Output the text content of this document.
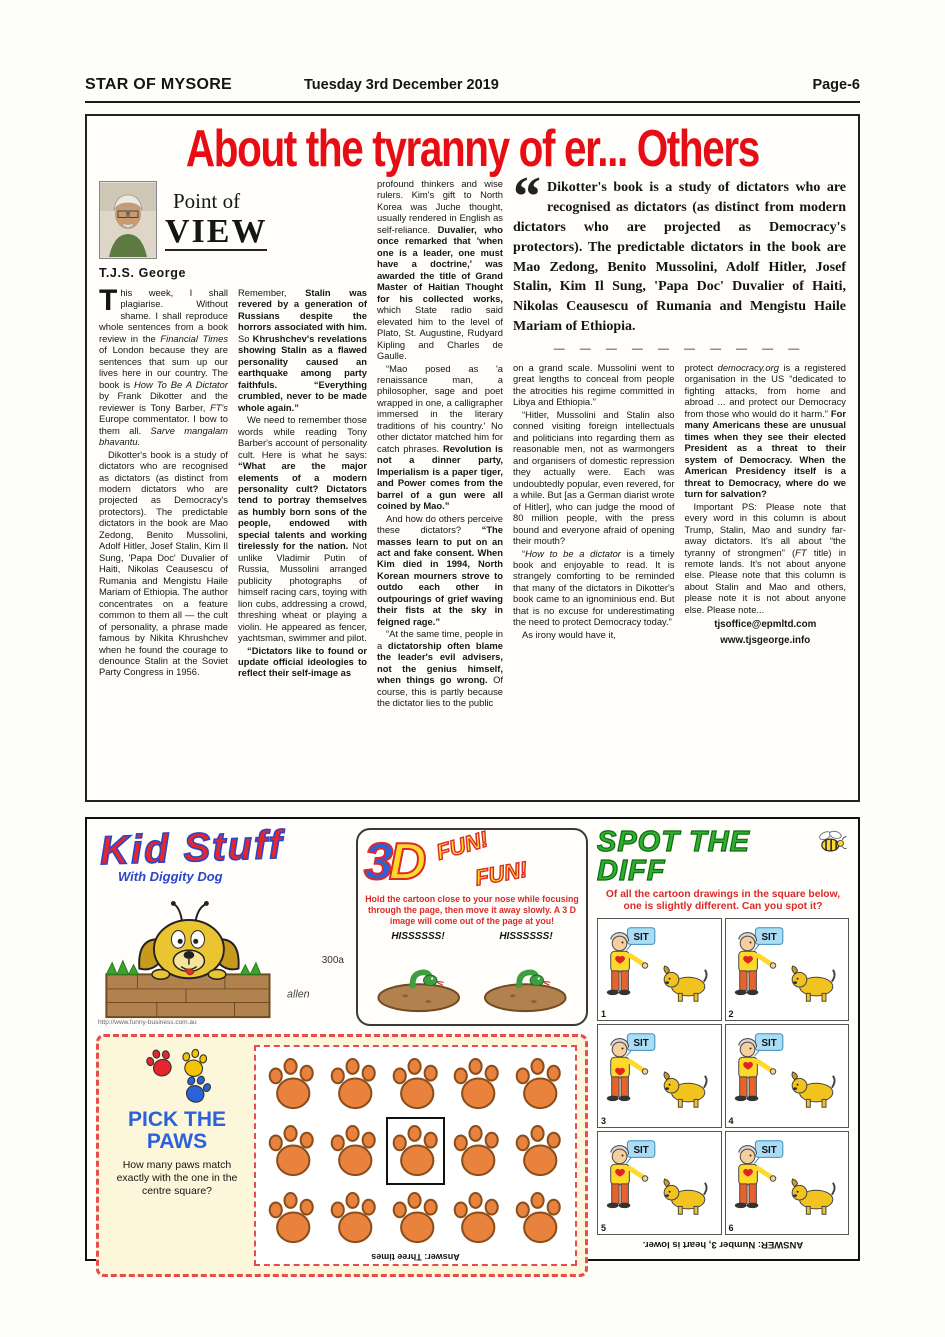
STAR OF MYSORE	Tuesday 3rd December 2019	Page-6
About the tyranny of er... Others
Point of
VIEW
T.J.S. George

This week, I shall plagiarise. Without shame. I shall reproduce whole sentences from a book review in the Financial Times of London because they are sentences that sum up our lives here in our country. The book is How To Be A Dictator by Frank Dikotter and the reviewer is Tony Barber, FT's Europe commentator. I bow to them all. Sarve mangalam bhavantu.

Dikotter's book is a study of dictators who are recognised as dictators (as distinct from modern dictators who are projected as Democracy's protectors). The predictable dictators in the book are Mao Zedong, Benito Mussolini, Adolf Hitler, Josef Stalin, Kim Il Sung, 'Papa Doc' Duvalier of Haiti, Nikolas Ceausescu of Rumania and Mengistu Haile Mariam of Ethiopia. The author concentrates on a feature common to them all — the cult of personality, a phrase made famous by Nikita Khrushchev when he found the courage to denounce Stalin at the Soviet Party Congress in 1956.

Remember, Stalin was revered by a generation of Russians despite the horrors associated with him. So Khrushchev's revelations showing Stalin as a flawed personality caused an earthquake among party faithfuls. “Everything crumbled, never to be made whole again.”

We need to remember those words while reading Tony Barber's account of personality cult. Here is what he says: “What are the major elements of a modern personality cult? Dictators tend to portray themselves as humbly born sons of the people, endowed with special talents and working tirelessly for the nation. Not unlike Vladimir Putin of Russia, Mussolini arranged publicity photographs of himself racing cars, toying with lion cubs, addressing a crowd, threshing wheat or playing a violin. He appeared as fencer, yachtsman, swimmer and pilot.

“Dictators like to found or update official ideologies to reflect their self-image as

profound thinkers and wise rulers. Kim's gift to North Korea was Juche thought, usually rendered in English as self-reliance. Duvalier, who once remarked that 'when one is a leader, one must have a doctrine,' was awarded the title of Grand Master of Haitian Thought for his collected works, which State radio said elevated him to the level of Plato, St. Augustine, Rudyard Kipling and Charles de Gaulle.

“Mao posed as 'a renaissance man, a philosopher, sage and poet wrapped in one, a calligrapher immersed in the literary traditions of his country.' No other dictator matched him for catch phrases. Revolution is not a dinner party, Imperialism is a paper tiger, and Power comes from the barrel of a gun were all coined by Mao.”

And how do others perceive these dictators? “The masses learn to put on an act and fake consent. When Kim died in 1994, North Korean mourners strove to outdo each other in outpourings of grief waving their fists at the sky in feigned rage.”

“At the same time, people in a dictatorship often blame the leader's evil advisers, not the genius himself, when things go wrong. Of course, this is partly because the dictator lies to the public

“ Dikotter's book is a study of dictators who are recognised as dictators (as distinct from modern dictators who are projected as Democracy's protectors). The predictable dictators in the book are Mao Zedong, Benito Mussolini, Adolf Hitler, Josef Stalin, Kim Il Sung, 'Papa Doc' Duvalier of Haiti, Nikolas Ceausescu of Rumania and Mengistu Haile Mariam of Ethiopia.
— — — — — — — — — —

on a grand scale. Mussolini went to great lengths to conceal from people the atrocities his regime committed in Libya and Ethiopia.”

“Hitler, Mussolini and Stalin also conned visiting foreign intellectuals and politicians into regarding them as reasonable men, not as warmongers and organisers of domestic repression they actually were. Each was undoubtedly popular, even revered, for a while. But [as a German diarist wrote of Hitler], who can judge the mood of 80 million people, with the press bound and everyone afraid of opening their mouth?

“How to be a dictator is a timely book and enjoyable to read. It is strangely comforting to be reminded that many of the dictators in Dikotter's book came to an ignominious end. But that is no excuse for underestimating the need to protect Democracy today.”

As irony would have it,

protect democracy.org is a registered organisation in the US “dedicated to fighting attacks, from home and abroad ... and protect our Democracy from those who would do it harm.” For many Americans these are unusual times when they see their elected President as a threat to their system of Democracy. When the American Presidency itself is a threat to Democracy, where do we turn for salvation?

Important PS: Please note that every word in this column is about Trump, Stalin, Mao and sundry far-away dictators. It's all about “the tyranny of strongmen” (FT title) in remote lands. It's not about anyone else. Please note that this column is about Stalin and Mao and others, please note it is not about anyone else. Please note...

tjsoffice@epmltd.com
www.tjsgeorge.info
Kid Stuff
With Diggity Dog
allen
300a
http://www.funny-business.com.au
3D FUN!FUN!
Hold the cartoon close to your nose while focusing through the page, then move it away slowly. A 3 D image will come out of the page at you!
HISSSSSS!	HISSSSSS!
PICK THE PAWS
How many paws match exactly with the one in the centre square?
Answer: Three times
SPOT THE DIFF
Of all the cartoon drawings in the square below, one is slightly different. Can you spot it?
SIT
1
SIT
2
SIT
3
SIT
4
SIT
5
SIT
6
ANSWER: Number 3, heart is lower.
